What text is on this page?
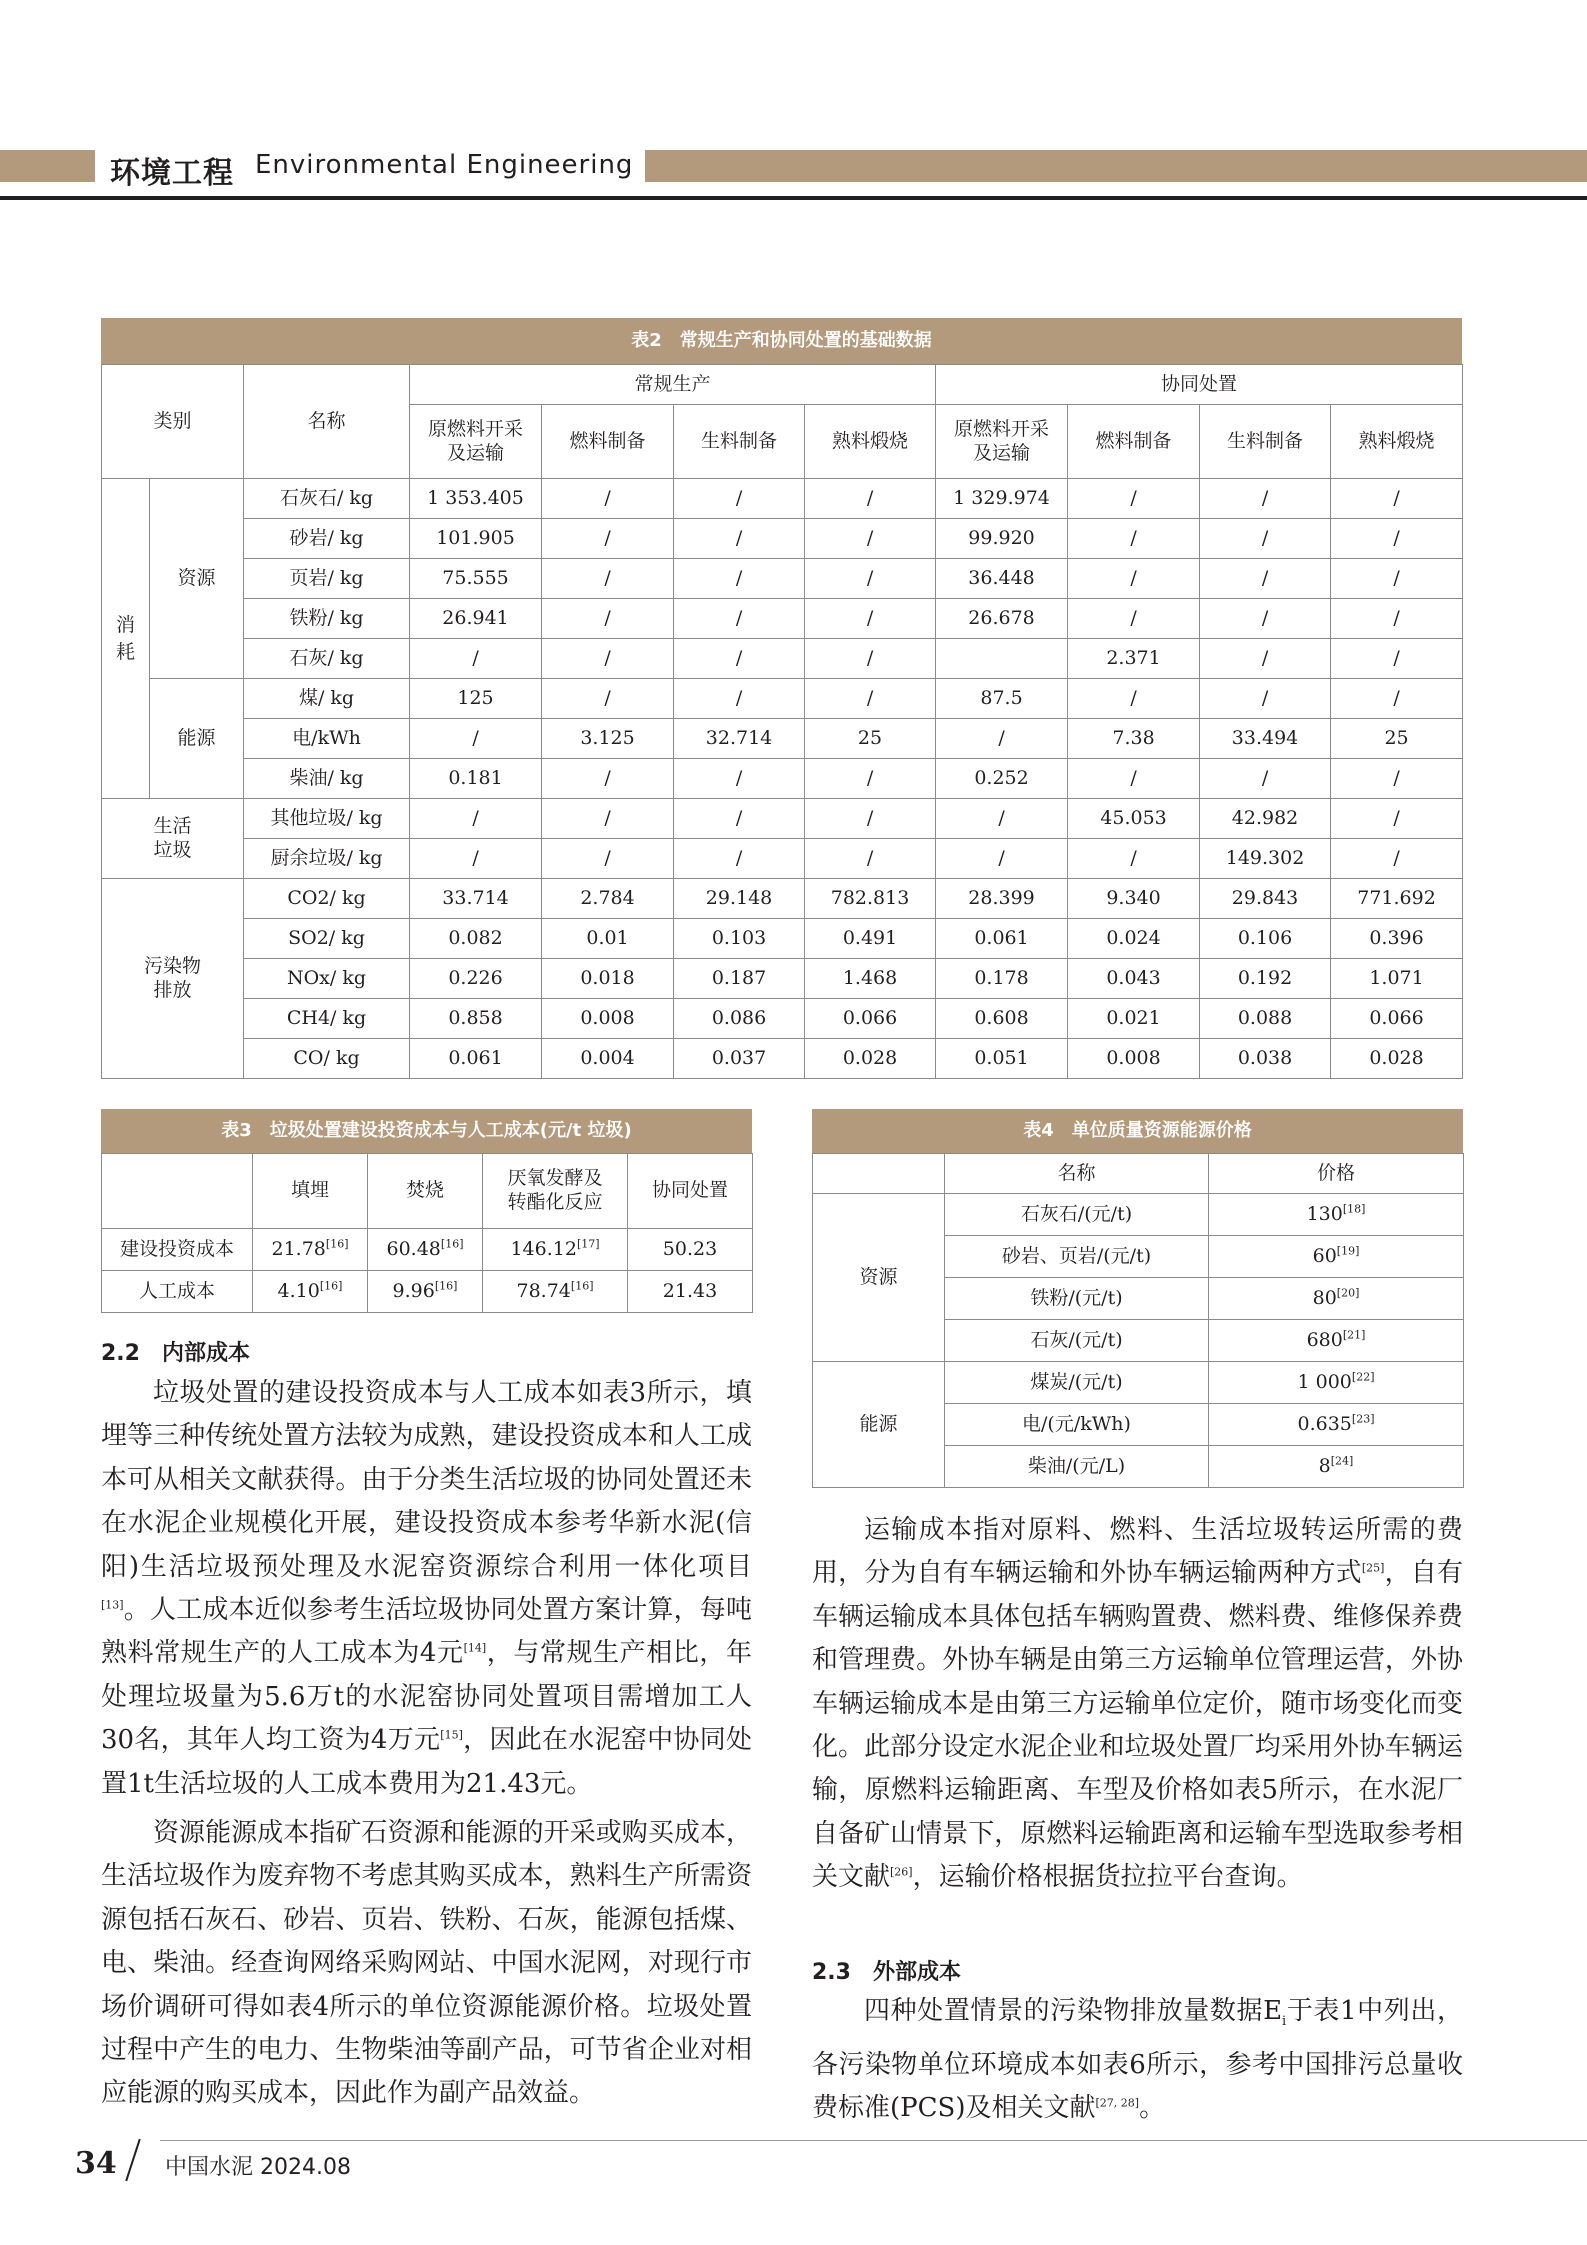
环境工程 Environmental Engineering
表2　常规生产和协同处置的基础数据
类别		名称	常规生产				协同处置			
			原燃料开采及运输	燃料制备	生料制备	熟料煅烧	原燃料开采及运输	燃料制备	生料制备	熟料煅烧
消耗	资源	石灰石/ kg	1 353.405	/	/	/	1 329.974	/	/	/
		砂岩/ kg	101.905	/	/	/	99.920	/	/	/
		页岩/ kg	75.555	/	/	/	36.448	/	/	/
		铁粉/ kg	26.941	/	/	/	26.678	/	/	/
		石灰/ kg	/	/	/	/		2.371	/	/
	能源	煤/ kg	125	/	/	/	87.5	/	/	/
		电/kWh	/	3.125	32.714	25	/	7.38	33.494	25
		柴油/ kg	0.181	/	/	/	0.252	/	/	/
生活垃圾		其他垃圾/ kg	/	/	/	/	/	45.053	42.982	/
		厨余垃圾/ kg	/	/	/	/	/	/	149.302	/
污染物排放		CO2/ kg	33.714	2.784	29.148	782.813	28.399	9.340	29.843	771.692
		SO2/ kg	0.082	0.01	0.103	0.491	0.061	0.024	0.106	0.396
		NOx/ kg	0.226	0.018	0.187	1.468	0.178	0.043	0.192	1.071
		CH4/ kg	0.858	0.008	0.086	0.066	0.608	0.021	0.088	0.066
		CO/ kg	0.061	0.004	0.037	0.028	0.051	0.008	0.038	0.028
表3　垃圾处置建设投资成本与人工成本(元/t 垃圾)
	填埋	焚烧	厌氧发酵及转酯化反应	协同处置
建设投资成本	21.78[16]	60.48[16]	146.12[17]	50.23
人工成本	4.10[16]	9.96[16]	78.74[16]	21.43
表4　单位质量资源能源价格
	名称	价格
资源	石灰石/(元/t)	130[18]
	砂岩、页岩/(元/t)	60[19]
	铁粉/(元/t)	80[20]
	石灰/(元/t)	680[21]
能源	煤炭/(元/t)	1 000[22]
	电/(元/kWh)	0.635[23]
	柴油/(元/L)	8[24]
2.2　内部成本
垃圾处置的建设投资成本与人工成本如表3所示，填埋等三种传统处置方法较为成熟，建设投资成本和人工成本可从相关文献获得。由于分类生活垃圾的协同处置还未在水泥企业规模化开展，建设投资成本参考华新水泥(信阳)生活垃圾预处理及水泥窑资源综合利用一体化项目[13]。人工成本近似参考生活垃圾协同处置方案计算，每吨熟料常规生产的人工成本为4元[14]，与常规生产相比，年处理垃圾量为5.6万t的水泥窑协同处置项目需增加工人30名，其年人均工资为4万元[15]，因此在水泥窑中协同处置1t生活垃圾的人工成本费用为21.43元。
资源能源成本指矿石资源和能源的开采或购买成本，生活垃圾作为废弃物不考虑其购买成本，熟料生产所需资源包括石灰石、砂岩、页岩、铁粉、石灰，能源包括煤、电、柴油。经查询网络采购网站、中国水泥网，对现行市场价调研可得如表4所示的单位资源能源价格。垃圾处置过程中产生的电力、生物柴油等副产品，可节省企业对相应能源的购买成本，因此作为副产品效益。
运输成本指对原料、燃料、生活垃圾转运所需的费用，分为自有车辆运输和外协车辆运输两种方式[25]，自有车辆运输成本具体包括车辆购置费、燃料费、维修保养费和管理费。外协车辆是由第三方运输单位管理运营，外协车辆运输成本是由第三方运输单位定价，随市场变化而变化。此部分设定水泥企业和垃圾处置厂均采用外协车辆运输，原燃料运输距离、车型及价格如表5所示，在水泥厂自备矿山情景下，原燃料运输距离和运输车型选取参考相关文献[26]，运输价格根据货拉拉平台查询。
2.3　外部成本
四种处置情景的污染物排放量数据$E_i$于表1中列出，各污染物单位环境成本如表6所示，参考中国排污总量收费标准(PCS)及相关文献[27, 28]。
34 中国水泥 2024.08
